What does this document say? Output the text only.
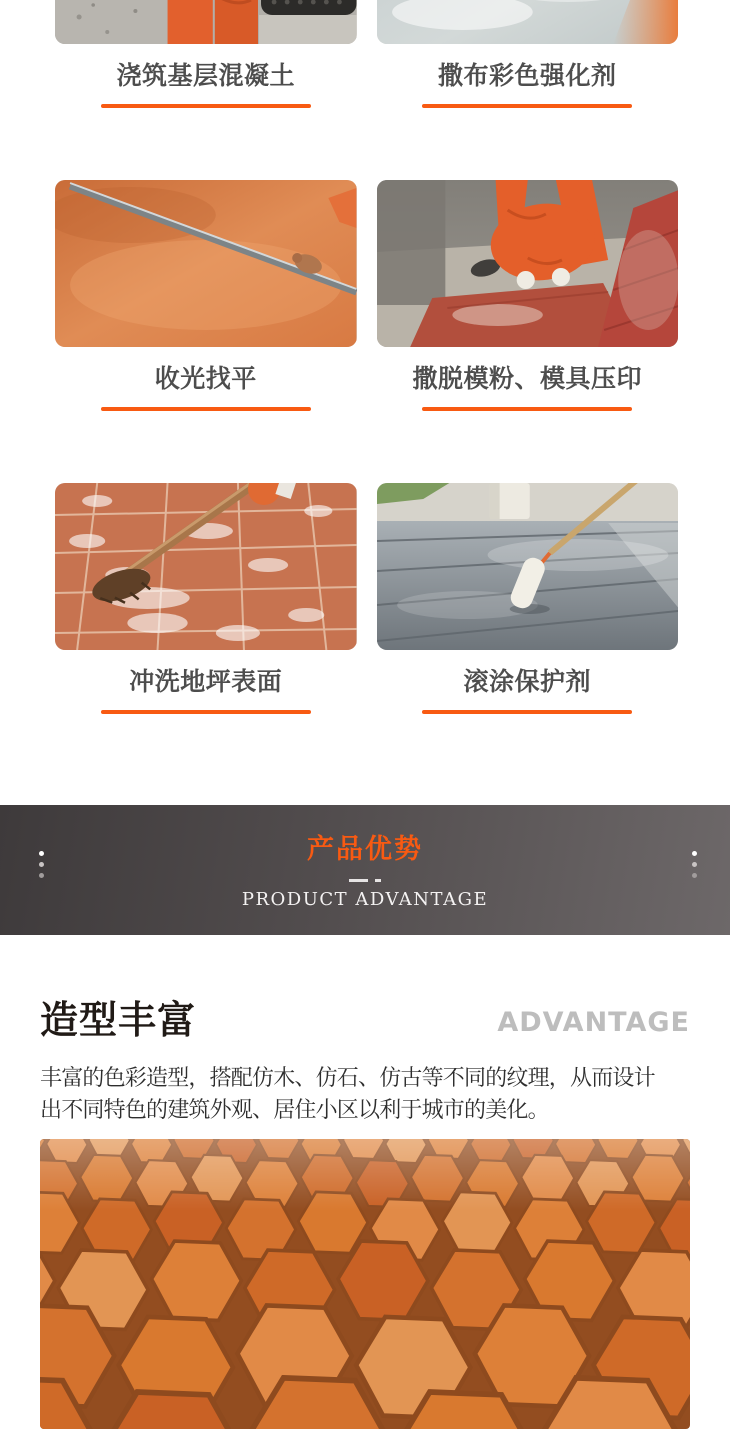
浇筑基层混凝土	撒布彩色强化剂
收光找平	撒脱模粉、模具压印
冲洗地坪表面	滚涂保护剂
产品优势
PRODUCT ADVANTAGE
造型丰富	ADVANTAGE

丰富的色彩造型，搭配仿木、仿石、仿古等不同的纹理，从而设计
出不同特色的建筑外观、居住小区以利于城市的美化。
